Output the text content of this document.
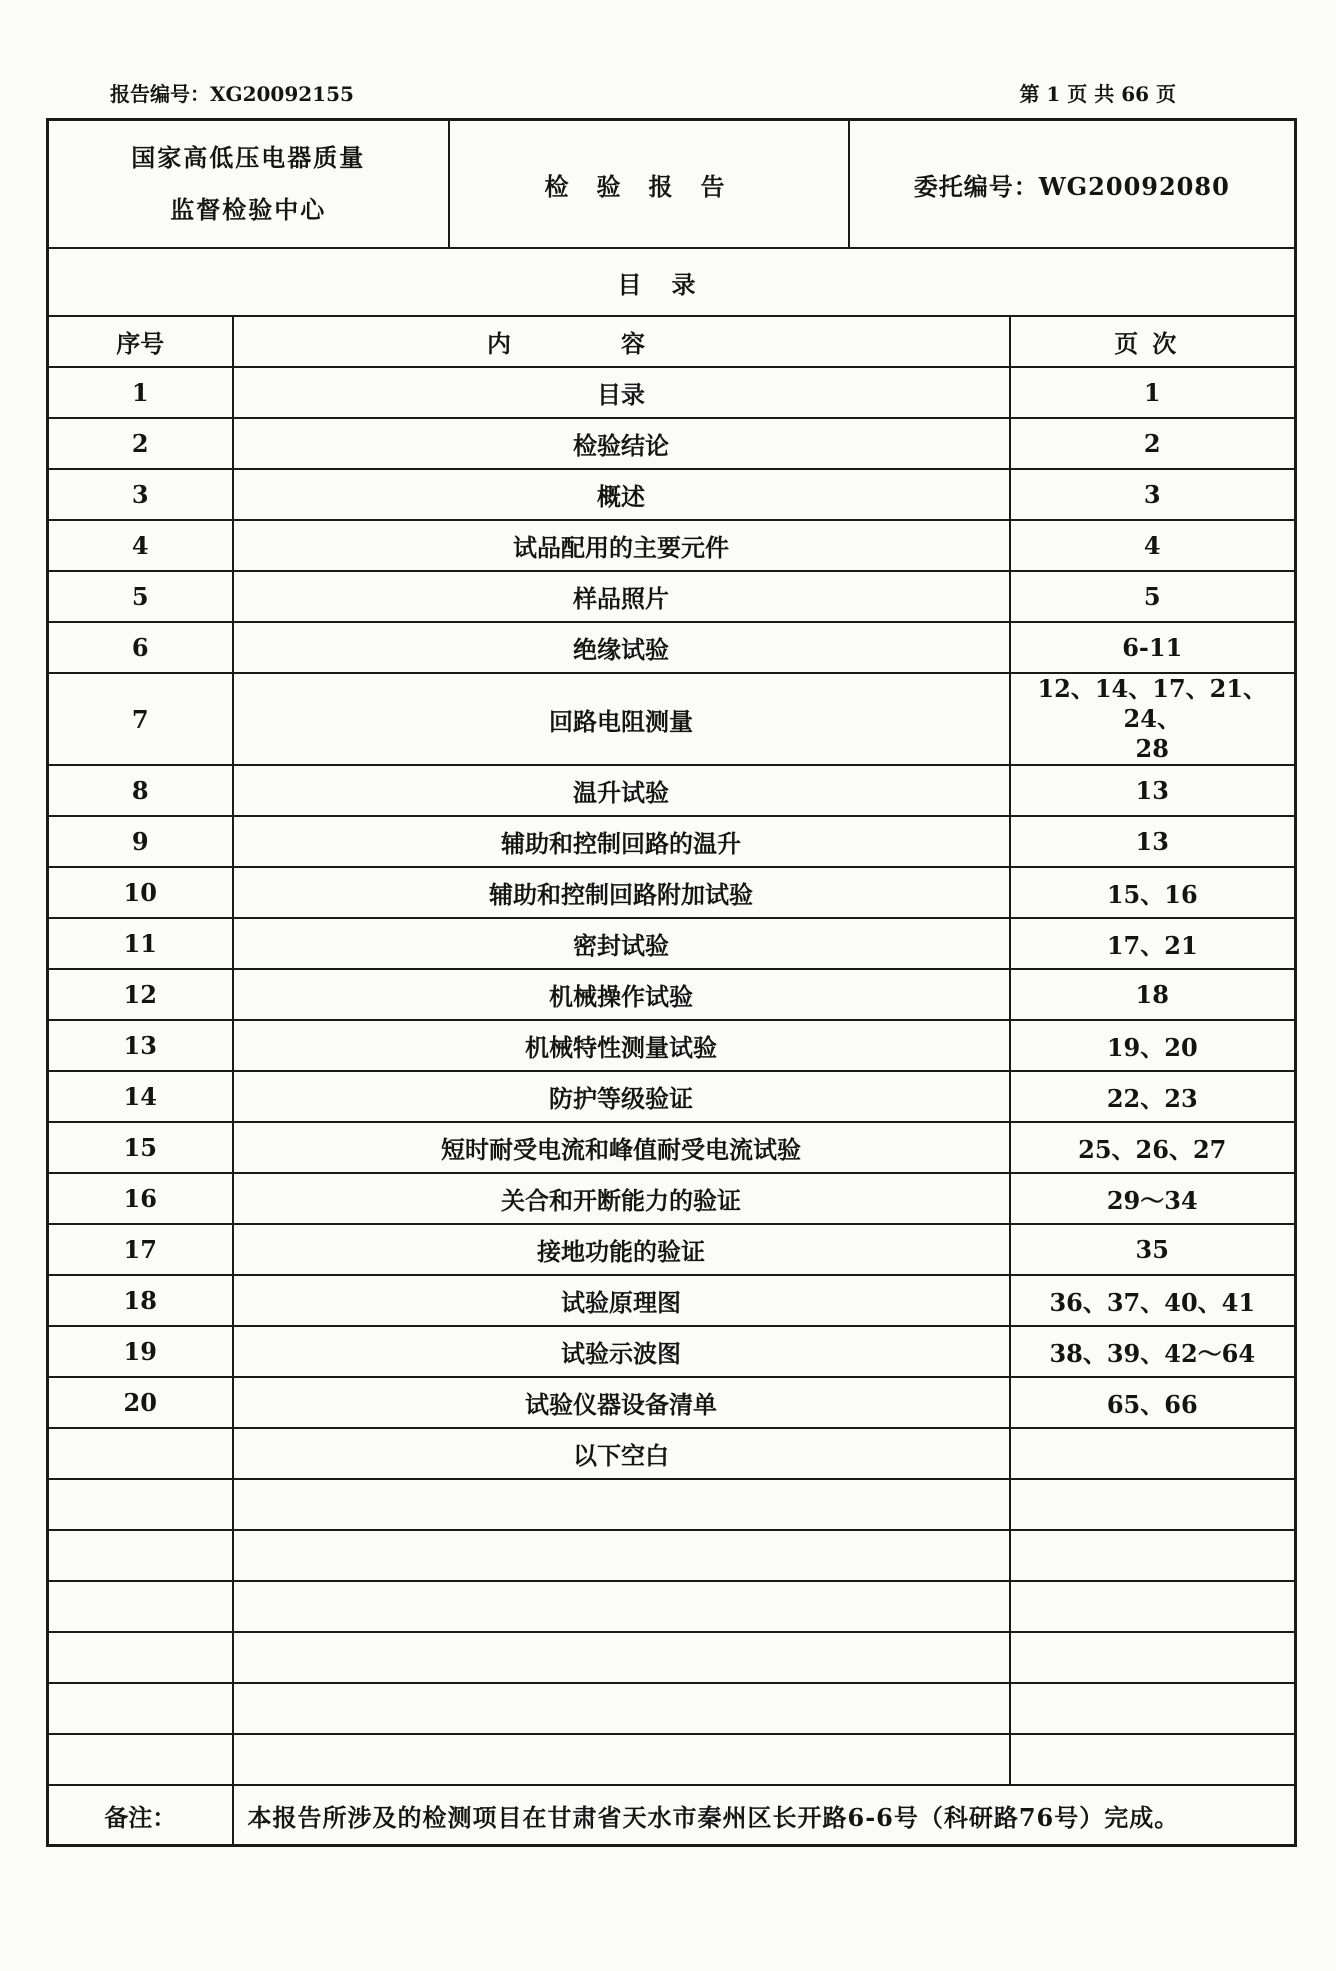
报告编号：XG20092155	第 1 页 共 66 页
国家高低压电器质量
监督检验中心		检验报告	委托编号：WG20092080	
目录				
序号	内容			页次
1	目录			1
2	检验结论			2
3	概述			3
4	试品配用的主要元件			4
5	样品照片			5
6	绝缘试验			6-11
7	回路电阻测量			12、14、17、21、24、
28

8	温升试验			13
9	辅助和控制回路的温升			13
10	辅助和控制回路附加试验			15、16
11	密封试验			17、21
12	机械操作试验			18
13	机械特性测量试验			19、20
14	防护等级验证			22、23
15	短时耐受电流和峰值耐受电流试验			25、26、27
16	关合和开断能力的验证			29～34
17	接地功能的验证			35
18	试验原理图			36、37、40、41
19	试验示波图			38、39、42～64
20	试验仪器设备清单			65、66
	以下空白			

备注：	本报告所涉及的检测项目在甘肃省天水市秦州区长开路6-6号（科研路76号）完成。			
